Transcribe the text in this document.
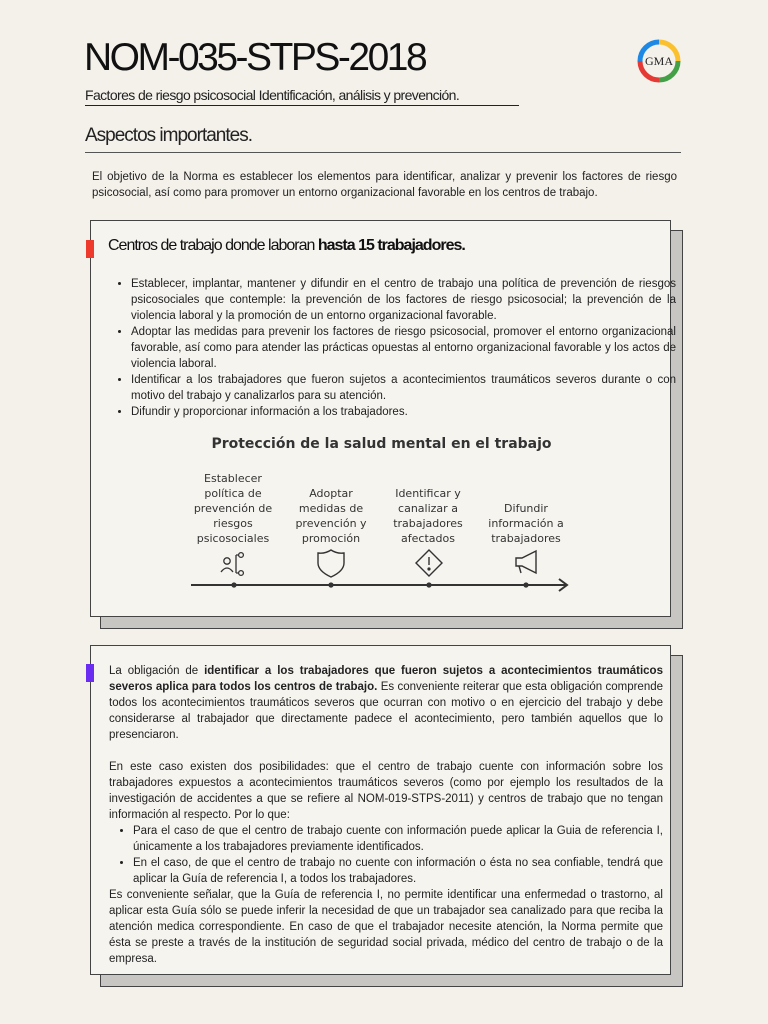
NOM-035-STPS-2018
Factores de riesgo psicosocial Identificación, análisis y prevención.
GMA
Aspectos importantes.

El objetivo de la Norma es establecer los elementos para identificar, analizar y prevenir los factores de riesgo psicosocial, así como para promover un entorno organizacional favorable en los centros de trabajo.

Centros de trabajo donde laboran hasta 15 trabajadores.
• Establecer, implantar, mantener y difundir en el centro de trabajo una política de prevención de riesgos psicosociales que contemple: la prevención de los factores de riesgo psicosocial; la prevención de la violencia laboral y la promoción de un entorno organizacional favorable.
• Adoptar las medidas para prevenir los factores de riesgo psicosocial, promover el entorno organizacional favorable, así como para atender las prácticas opuestas al entorno organizacional favorable y los actos de violencia laboral.
• Identificar a los trabajadores que fueron sujetos a acontecimientos traumáticos severos durante o con motivo del trabajo y canalizarlos para su atención.
• Difundir y proporcionar información a los trabajadores.
Protección de la salud mental en el trabajo
Establecer
política de
prevención de
riesgos
psicosociales
Adoptar
medidas de
prevención y
promoción
Identificar y
canalizar a
trabajadores
afectados
Difundir
información a
trabajadores

La obligación de identificar a los trabajadores que fueron sujetos a acontecimientos traumáticos severos aplica para todos los centros de trabajo. Es conveniente reiterar que esta obligación comprende todos los acontecimientos traumáticos severos que ocurran con motivo o en ejercicio del trabajo y debe considerarse al trabajador que directamente padece el acontecimiento, pero también aquellos que lo presenciaron.

En este caso existen dos posibilidades: que el centro de trabajo cuente con información sobre los trabajadores expuestos a acontecimientos traumáticos severos (como por ejemplo los resultados de la investigación de accidentes a que se refiere al NOM-019-STPS-2011) y centros de trabajo que no tengan información al respecto. Por lo que:

• Para el caso de que el centro de trabajo cuente con información puede aplicar la Guia de referencia I, únicamente a los trabajadores previamente identificados.
• En el caso, de que el centro de trabajo no cuente con información o ésta no sea confiable, tendrá que aplicar la Guía de referencia I, a todos los trabajadores.

Es conveniente señalar, que la Guía de referencia I, no permite identificar una enfermedad o trastorno, al aplicar esta Guía sólo se puede inferir la necesidad de que un trabajador sea canalizado para que reciba la atención medica correspondiente. En caso de que el trabajador necesite atención, la Norma permite que ésta se preste a través de la institución de seguridad social privada, médico del centro de trabajo o de la empresa.
